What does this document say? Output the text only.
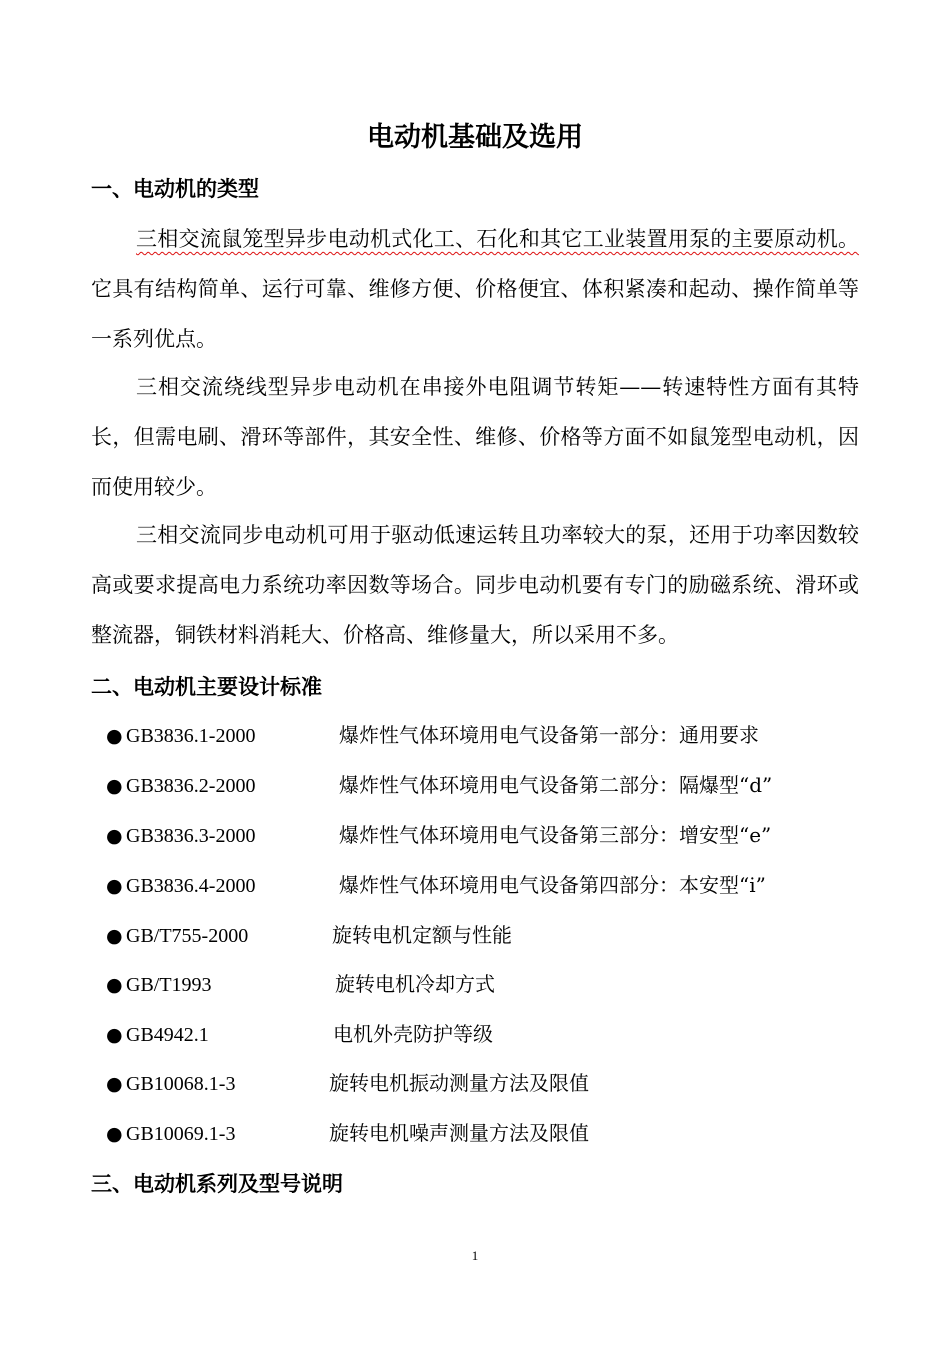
电动机基础及选用
一、电动机的类型

三相交流鼠笼型异步电动机式化工、石化和其它工业装置用泵的主要原动机。它具有结构简单、运行可靠、维修方便、价格便宜、体积紧凑和起动、操作简单等一系列优点。

三相交流绕线型异步电动机在串接外电阻调节转矩——转速特性方面有其特长，但需电刷、滑环等部件，其安全性、维修、价格等方面不如鼠笼型电动机，因而使用较少。

三相交流同步电动机可用于驱动低速运转且功率较大的泵，还用于功率因数较高或要求提高电力系统功率因数等场合。同步电动机要有专门的励磁系统、滑环或整流器，铜铁材料消耗大、价格高、维修量大，所以采用不多。

二、电动机主要设计标准
● GB3836.1-2000	爆炸性气体环境用电气设备第一部分：通用要求
● GB3836.2-2000	爆炸性气体环境用电气设备第二部分：隔爆型“d”
● GB3836.3-2000	爆炸性气体环境用电气设备第三部分：增安型“e”
● GB3836.4-2000	爆炸性气体环境用电气设备第四部分：本安型“i”
● GB/T755-2000	旋转电机定额与性能
● GB/T1993	旋转电机冷却方式
● GB4942.1	电机外壳防护等级
● GB10068.1-3	旋转电机振动测量方法及限值
● GB10069.1-3	旋转电机噪声测量方法及限值
三、电动机系列及型号说明
1
